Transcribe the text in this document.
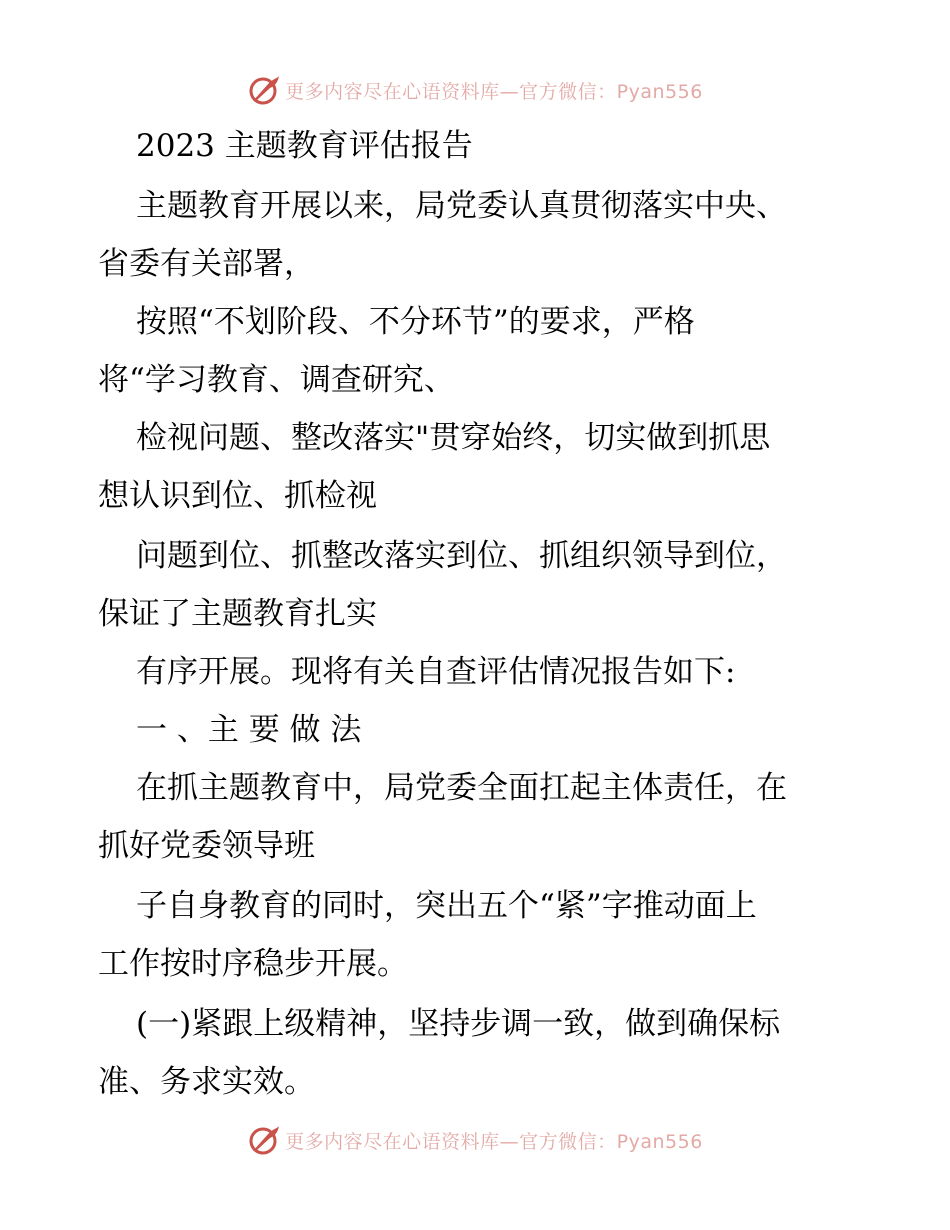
更多内容尽在心语资料库—官方微信：Pyan556
2023 主题教育评估报告
主题教育开展以来，局党委认真贯彻落实中央、
省委有关部署，
按照“不划阶段、不分环节”的要求，严格
将“学习教育、调查研究、
检视问题、整改落实"贯穿始终，切实做到抓思
想认识到位、抓检视
问题到位、抓整改落实到位、抓组织领导到位，
保证了主题教育扎实
有序开展。现将有关自查评估情况报告如下:
一 、主 要 做 法
在抓主题教育中，局党委全面扛起主体责任，在
抓好党委领导班
子自身教育的同时，突出五个“紧”字推动面上
工作按时序稳步开展。
(一)紧跟上级精神，坚持步调一致，做到确保标
准、务求实效。
更多内容尽在心语资料库—官方微信：Pyan556
